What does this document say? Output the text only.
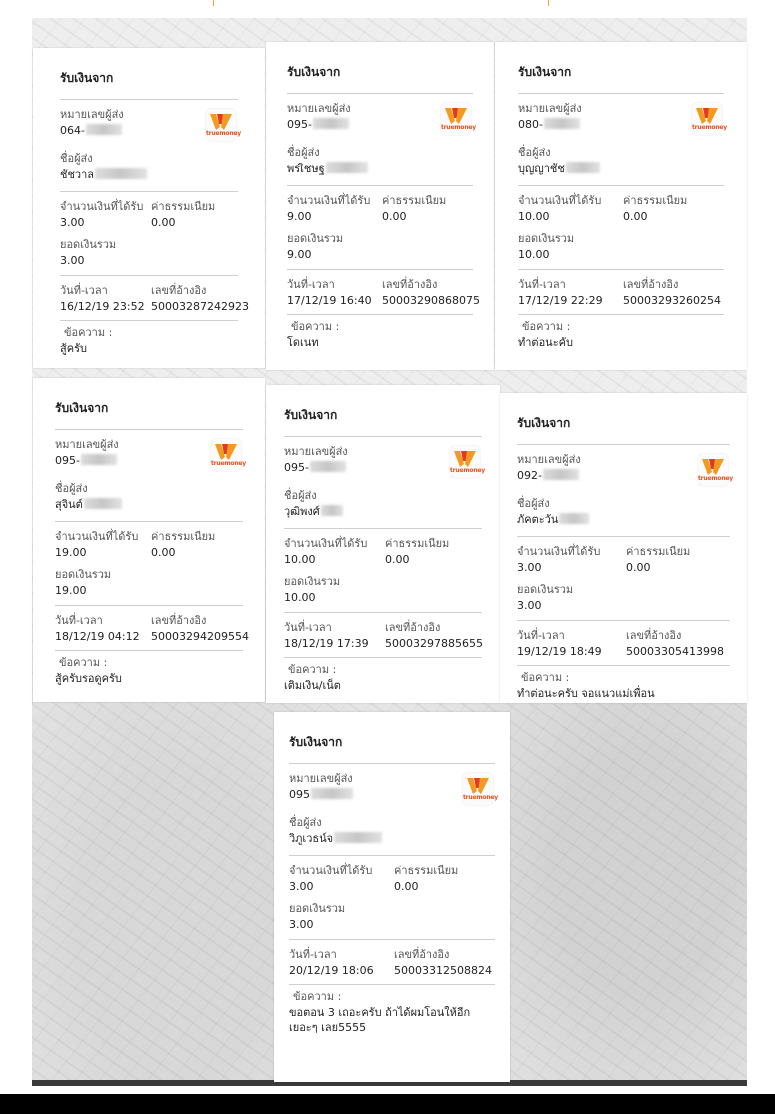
รับเงินจาก
หมายเลขผู้ส่ง
064-	truemoney
ชื่อผู้ส่ง
ชัชวาล
จำนวนเงินที่ได้รับ ค่าธรรมเนียม
3.00	0.00
ยอดเงินรวม
3.00
วันที่-เวลา	เลขที่อ้างอิง
16/12/19 23:52 50003287242923
ข้อความ :
สู้ครับ
รับเงินจาก
หมายเลขผู้ส่ง
095-	truemoney
ชื่อผู้ส่ง
พรเิชษฐ
จำนวนเงินที่ได้รับ ค่าธรรมเนียม
9.00	0.00
ยอดเงินรวม
9.00
วันที่-เวลา	เลขที่อ้างอิง
17/12/19 16:40 50003290868075
ข้อความ :
โดเนท
รับเงินจาก
หมายเลขผู้ส่ง
080-	truemoney
ชื่อผู้ส่ง
บุญญาชัช
จำนวนเงินที่ได้รับ ค่าธรรมเนียม
10.00	0.00
ยอดเงินรวม
10.00
วันที่-เวลา	เลขที่อ้างอิง
17/12/19 22:29 50003293260254
ข้อความ :
ทำต่อนะคับ
รับเงินจาก
หมายเลขผู้ส่ง
095-	truemoney
ชื่อผู้ส่ง
สุจินต์
จำนวนเงินที่ได้รับ ค่าธรรมเนียม
19.00	0.00
ยอดเงินรวม
19.00
วันที่-เวลา	เลขที่อ้างอิง
18/12/19 04:12 50003294209554
ข้อความ :
สู้ครับรอดูครับ
รับเงินจาก
หมายเลขผู้ส่ง
095-	truemoney
ชื่อผู้ส่ง
วุฒิพงศ์
จำนวนเงินที่ได้รับ ค่าธรรมเนียม
10.00	0.00
ยอดเงินรวม
10.00
วันที่-เวลา	เลขที่อ้างอิง
18/12/19 17:39 50003297885655
ข้อความ :
เติมเงิน/เน็ต
รับเงินจาก
หมายเลขผู้ส่ง
092-	truemoney
ชื่อผู้ส่ง
ภัคตะวัน
จำนวนเงินที่ได้รับ ค่าธรรมเนียม
3.00	0.00
ยอดเงินรวม
3.00
วันที่-เวลา	เลขที่อ้างอิง
19/12/19 18:49 50003305413998
ข้อความ :
ทำต่อนะครับ จอแนวแม่เพื่อน
รับเงินจาก
หมายเลขผู้ส่ง
095	truemoney
ชื่อผู้ส่ง
วิภูเวธน์จ
จำนวนเงินที่ได้รับ ค่าธรรมเนียม
3.00	0.00
ยอดเงินรวม
3.00
วันที่-เวลา	เลขที่อ้างอิง
20/12/19 18:06 50003312508824
ข้อความ :
ขอตอน 3 เถอะครับ ถ้าได้ผมโอนให้อีกเยอะๆ เลย5555
